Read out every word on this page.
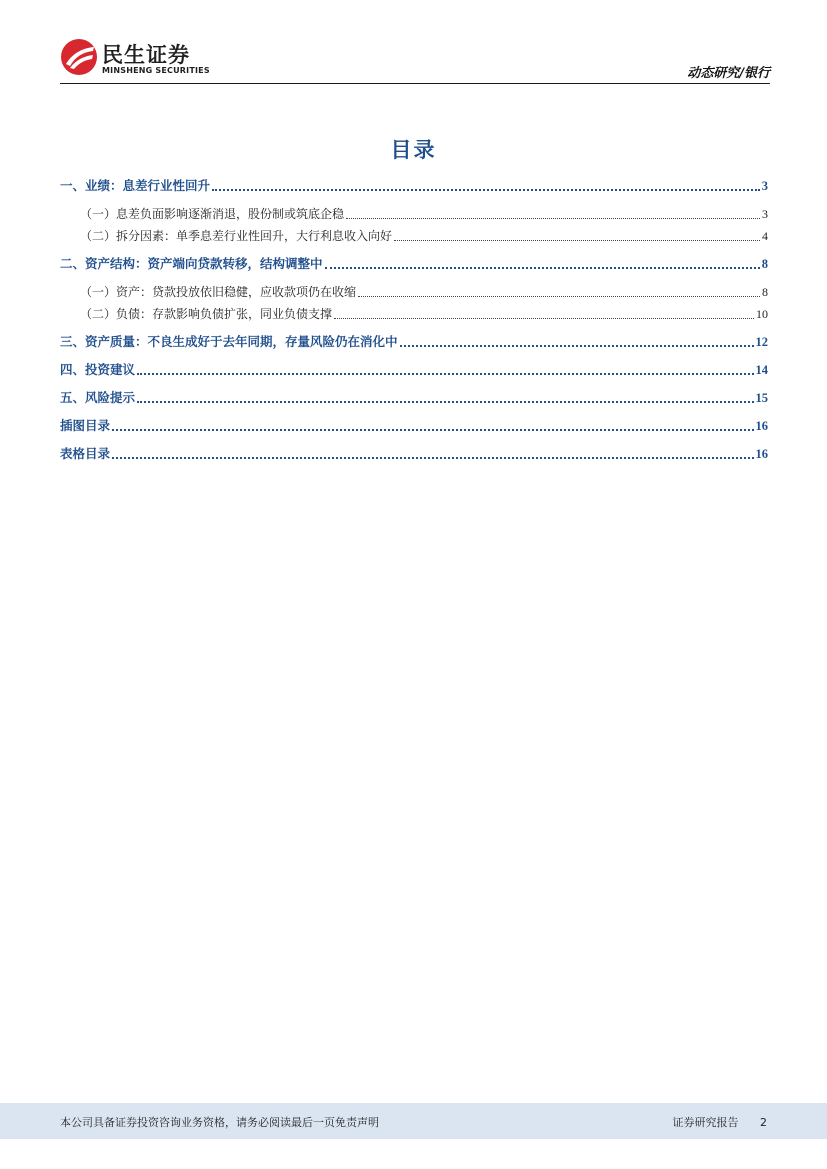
民生证券
MINSHENG SECURITIES	动态研究/银行
目录
一、业绩：息差行业性回升	3
（一）息差负面影响逐渐消退，股份制或筑底企稳	3
（二）拆分因素：单季息差行业性回升，大行利息收入向好	4
二、资产结构：资产端向贷款转移，结构调整中	8
（一）资产：贷款投放依旧稳健，应收款项仍在收缩	8
（二）负债：存款影响负债扩张，同业负债支撑	10
三、资产质量：不良生成好于去年同期，存量风险仍在消化中	12
四、投资建议	14
五、风险提示	15
插图目录	16
表格目录	16
本公司具备证券投资咨询业务资格，请务必阅读最后一页免责声明	证券研究报告 2
